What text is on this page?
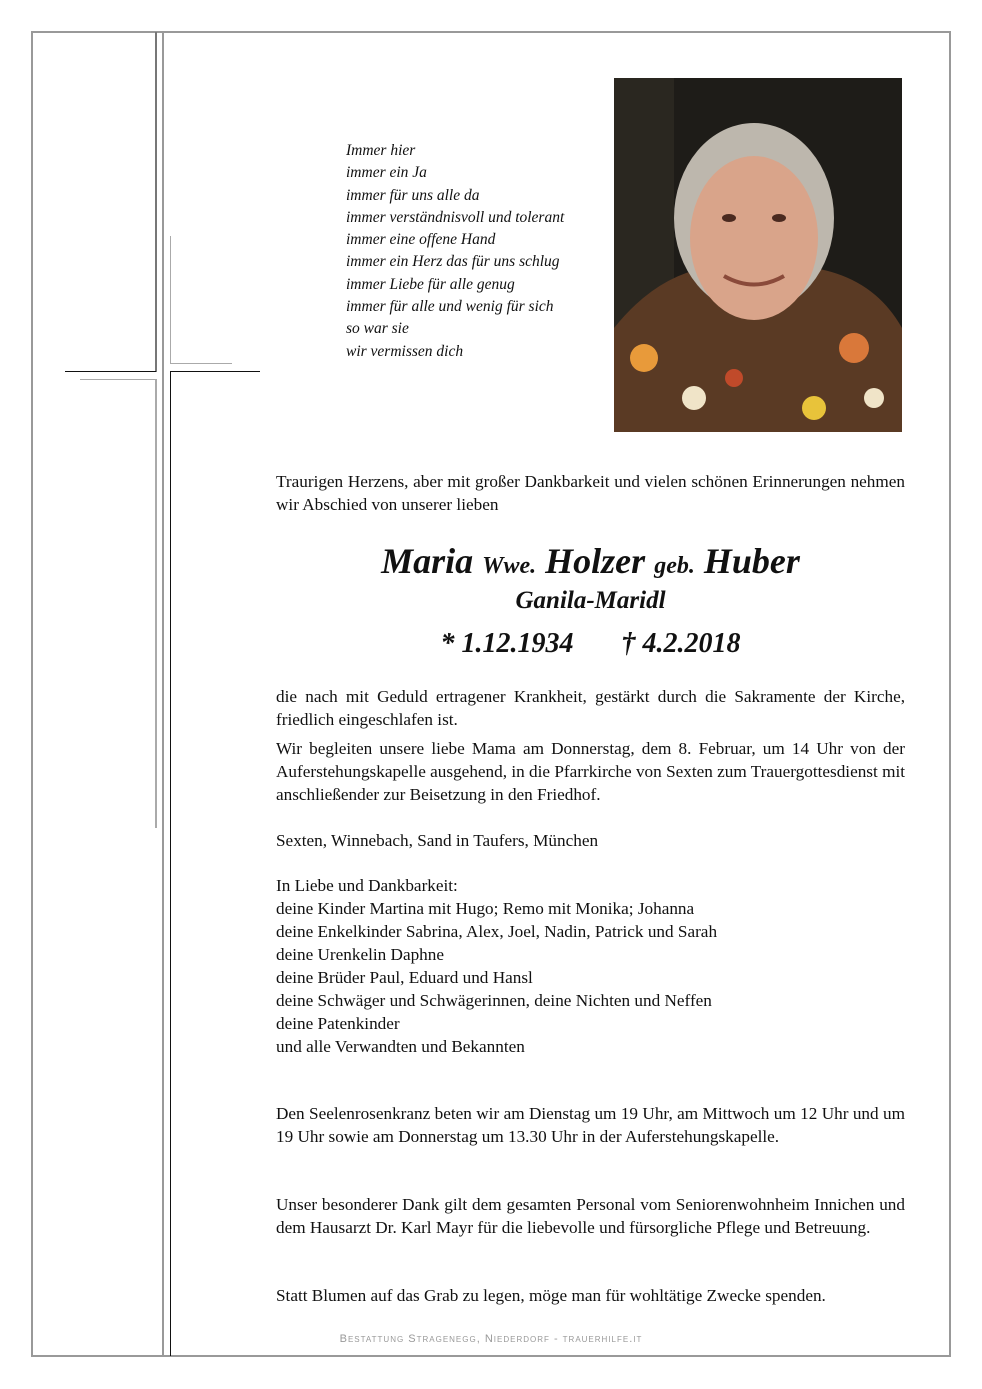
Immer hier
immer ein Ja
immer für uns alle da
immer verständnisvoll und tolerant
immer eine offene Hand
immer ein Herz das für uns schlug
immer Liebe für alle genug
immer für alle und wenig für sich
so war sie
wir vermissen dich
Traurigen Herzens, aber mit großer Dankbarkeit und vielen schönen Erinnerungen nehmen wir Abschied von unserer lieben
Maria Wwe. Holzer geb. Huber
Ganila-Maridl
* 1.12.1934 † 4.2.2018
die nach mit Geduld ertragener Krankheit, gestärkt durch die Sakramente der Kirche, friedlich eingeschlafen ist.
Wir begleiten unsere liebe Mama am Donnerstag, dem 8. Februar, um 14 Uhr von der Auferstehungskapelle ausgehend, in die Pfarrkirche von Sexten zum Trauergottesdienst mit anschließender zur Beisetzung in den Friedhof.
Sexten, Winnebach, Sand in Taufers, München
In Liebe und Dankbarkeit:
deine Kinder Martina mit Hugo; Remo mit Monika; Johanna
deine Enkelkinder Sabrina, Alex, Joel, Nadin, Patrick und Sarah
deine Urenkelin Daphne
deine Brüder Paul, Eduard und Hansl
deine Schwäger und Schwägerinnen, deine Nichten und Neffen
deine Patenkinder
und alle Verwandten und Bekannten
Den Seelenrosenkranz beten wir am Dienstag um 19 Uhr, am Mittwoch um 12 Uhr und um 19 Uhr sowie am Donnerstag um 13.30 Uhr in der Auferstehungskapelle.
Unser besonderer Dank gilt dem gesamten Personal vom Seniorenwohnheim Innichen und dem Hausarzt Dr. Karl Mayr für die liebevolle und fürsorgliche Pflege und Betreuung.
Statt Blumen auf das Grab zu legen, möge man für wohltätige Zwecke spenden.
Bestattung Stragenegg, Niederdorf - trauerhilfe.it
